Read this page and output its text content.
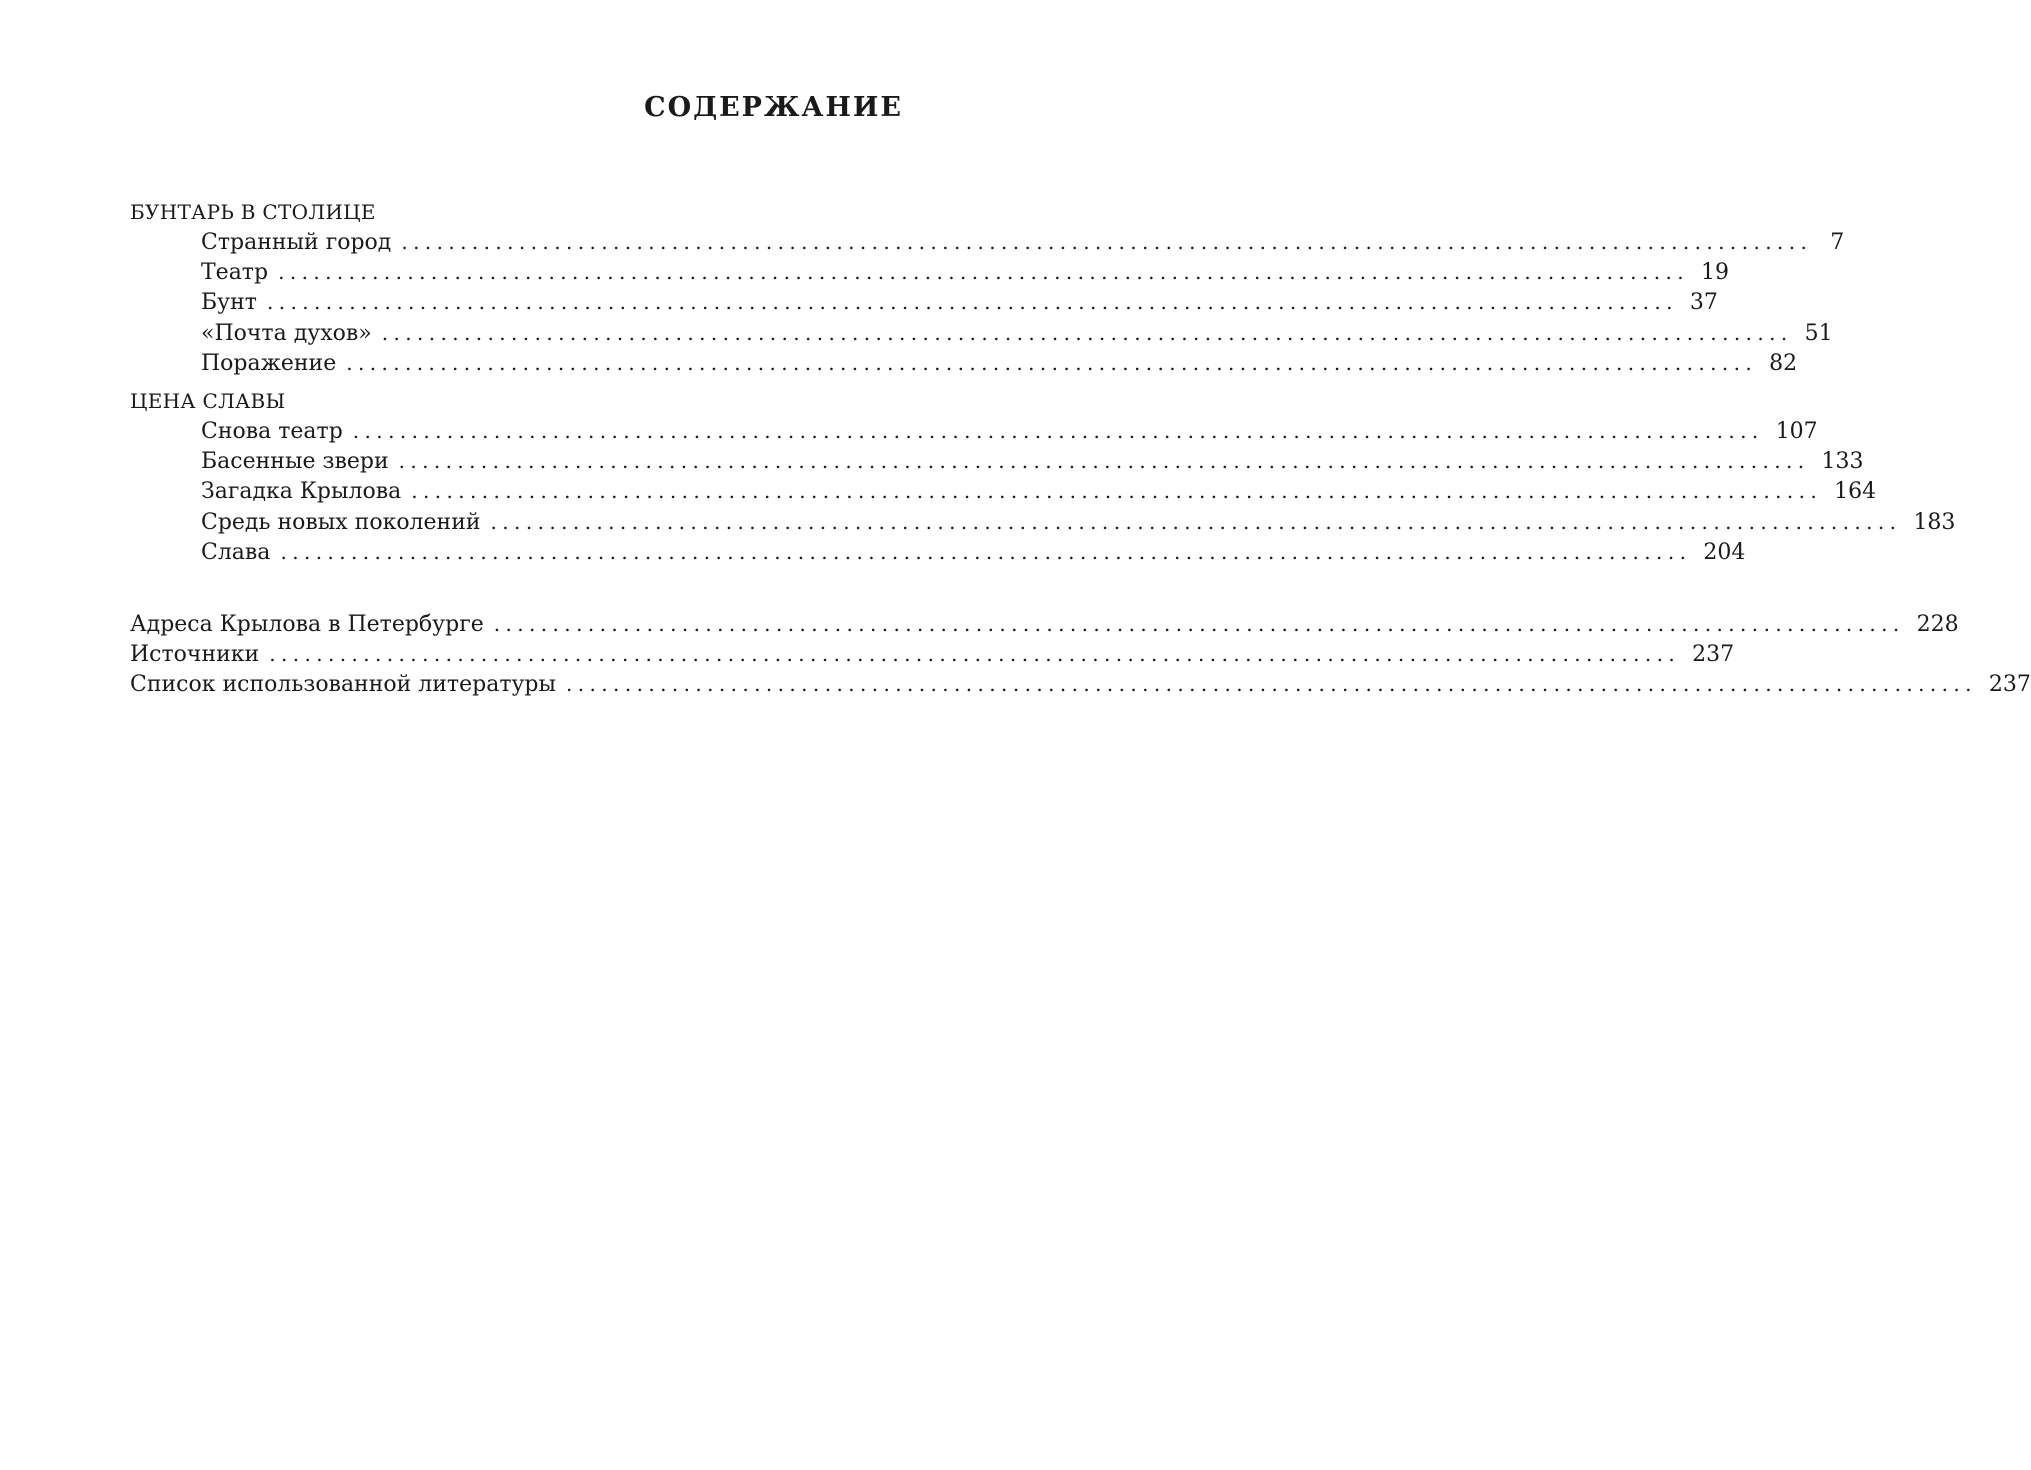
СОДЕРЖАНИЕ
БУНТАРЬ В СТОЛИЦЕ
Странный город ........................................................................................................................ 7
Театр ........................................................................................................................ 19
Бунт ........................................................................................................................ 37
«Почта духов» ........................................................................................................................ 51
Поражение ........................................................................................................................ 82
ЦЕНА СЛАВЫ
Снова театр ........................................................................................................................ 107
Басенные звери ........................................................................................................................ 133
Загадка Крылова ........................................................................................................................ 164
Средь новых поколений ........................................................................................................................ 183
Слава ........................................................................................................................ 204
Адреса Крылова в Петербурге ........................................................................................................................ 228
Источники ........................................................................................................................ 237
Список использованной литературы ........................................................................................................................ 237
